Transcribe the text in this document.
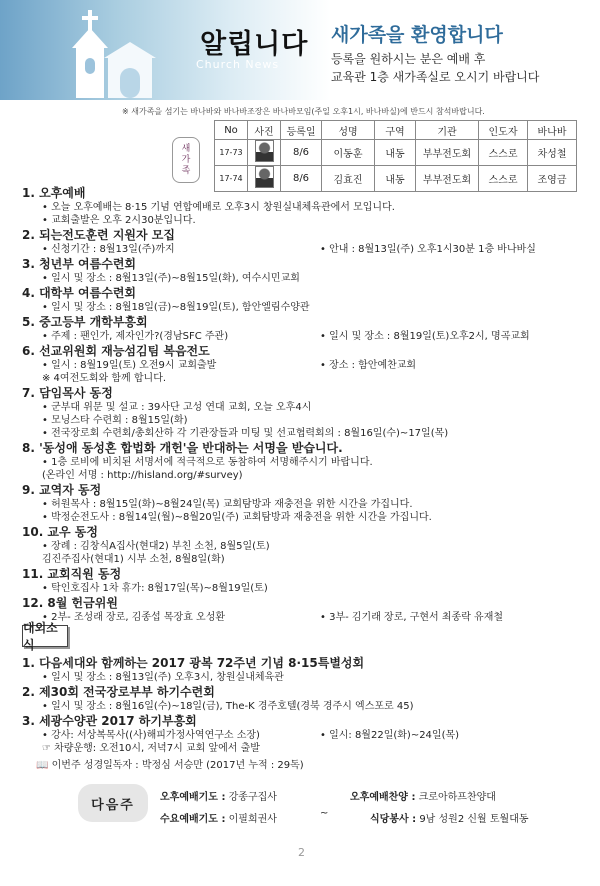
알립니다
Church News
새가족을 환영합니다
등록을 원하시는 분은 예배 후
교육관 1층 새가족실로 오시기 바랍니다
※ 새가족을 섬기는 바나바와 바나바조장은 바나바모임(주일 오후1시, 바나바실)에 반드시 참석바랍니다.
새
가
족
No	사진	등록일	성명	구역	기관	인도자	바나바
17-73		8/6	이동훈	내동	부부전도회	스스로	차성철
17-74		8/6	김효진	내동	부부전도회	스스로	조영금
1. 오후예배
• 오늘 오후예배는 8·15 기념 연합예배로 오후3시 창원실내체육관에서 모입니다.
• 교회출발은 오후 2시30분입니다.
2. 되는전도훈련 지원자 모집
• 신청기간 : 8월13일(주)까지	• 안내 : 8월13일(주) 오후1시30분 1층 바나바실
3. 청년부 여름수련회
• 일시 및 장소 : 8월13일(주)~8월15일(화), 여수시민교회
4. 대학부 여름수련회
• 일시 및 장소 : 8월18일(금)~8월19일(토), 함안엘림수양관
5. 중고등부 개학부흥회
• 주제 : 팬인가, 제자인가?(경남SFC 주관)	• 일시 및 장소 : 8월19일(토)오후2시, 명곡교회
6. 선교위원회 재능섬김팀 복음전도
• 일시 : 8월19일(토) 오전9시 교회출발	• 장소 : 함안예찬교회
※ 4여전도회와 함께 합니다.
7. 담임목사 동정
• 군부대 위문 및 설교 : 39사단 고성 연대 교회, 오늘 오후4시
• 모닝스타 수련회 : 8월15일(화)
• 전국장로회 수련회/총회산하 각 기관장들과 미팅 및 선교협력회의 : 8월16일(수)~17일(목)
8. '동성애 동성혼 합법화 개헌'을 반대하는 서명을 받습니다.
• 1층 로비에 비치된 서명서에 적극적으로 동참하여 서명해주시기 바랍니다.
(온라인 서명 : http://hisland.org/#survey)
9. 교역자 동정
• 허원목사 : 8월15일(화)~8월24일(목) 교회탐방과 재충전을 위한 시간을 가집니다.
• 박정순전도사 : 8월14일(월)~8월20일(주) 교회탐방과 재충전을 위한 시간을 가집니다.
10. 교우 동정
• 장례 : 김창식A집사(현대2) 부친 소천, 8월5일(토)
김진주집사(현대1) 시부 소천, 8월8일(화)
11. 교회직원 동정
• 탁인호집사 1차 휴가: 8월17일(목)~8월19일(토)
12. 8월 헌금위원
• 2부- 조성래 장로, 김종섭 목장효 오성환	• 3부- 김기래 장로, 구현서 최종락 유재철
대외소식
1. 다음세대와 함께하는 2017 광복 72주년 기념 8·15특별성회
• 일시 및 장소 : 8월13일(주) 오후3시, 창원실내체육관
2. 제30회 전국장로부부 하기수련회
• 일시 및 장소 : 8월16일(수)~18일(금), The-K 경주호텔(경북 경주시 엑스포로 45)
3. 세광수양관 2017 하기부흥회
• 강사: 서상복목사((사)해피가정사역연구소 소장)	• 일시: 8월22일(화)~24일(목)
☞ 차량운행: 오전10시, 저녁7시 교회 앞에서 출발
📖 이번주 성경일독자 : 박정심 서승만 (2017년 누적 : 29독)
다음주	오후예배기도 : 강종구집사	오후예배찬양 : 크로아하프찬양대
수요예배기도 : 이필희권사
~
식당봉사 : 9남 성원2 신월 토월대동
2
